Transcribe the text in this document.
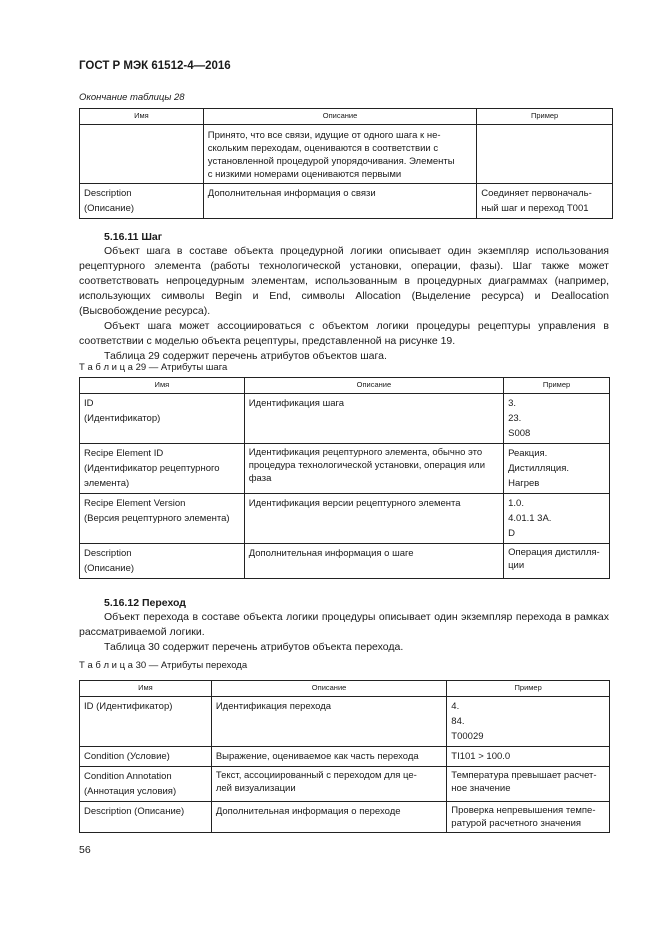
ГОСТ Р МЭК 61512-4—2016
Окончание таблицы 28
Имя	Описание	Пример
	Принято, что все связи, идущие от одного шага к не-
скольким переходам, оцениваются в соответствии с
установленной процедурой упорядочивания. Элементы
с низкими номерами оцениваются первыми	
Description
(Описание)	Дополнительная информация о связи	Соединяет первоначаль-
ный шаг и переход T001
5.16.11 Шаг

Объект шага в составе объекта процедурной логики описывает один экземпляр использования рецептурного элемента (работы технологической установки, операции, фазы). Шаг также может соответствовать непроцедурным элементам, использованным в процедурных диаграммах (например, использующих символы Begin и End, символы Allocation (Выделение ресурса) и Deallocation (Высвобождение ресурса).

Объект шага может ассоциироваться с объектом логики процедуры рецептуры управления в соответствии с моделью объекта рецептуры, представленной на рисунке 19.

Таблица 29 содержит перечень атрибутов объектов шага.

Т а б л и ц а 29 — Атрибуты шага
Имя	Описание	Пример
ID
(Идентификатор)	Идентификация шага	3.
23.
S008
Recipe Element ID
(Идентификатор рецептурного
элемента)	Идентификация рецептурного элемента, обычно это
процедура технологической установки, операция или
фаза	Реакция.
Дистилляция.
Нагрев
Recipe Element Version
(Версия рецептурного элемента)	Идентификация версии рецептурного элемента	1.0.
4.01.1 3A.
D
Description
(Описание)	Дополнительная информация о шаге	Операция дистилля-
ции
5.16.12 Переход

Объект перехода в составе объекта логики процедуры описывает один экземпляр перехода в рамках рассматриваемой логики.

Таблица 30 содержит перечень атрибутов объекта перехода.

Т а б л и ц а 30 — Атрибуты перехода
Имя	Описание	Пример
ID (Идентификатор)	Идентификация перехода	4.
84.
T00029
Condition (Условие)	Выражение, оцениваемое как часть перехода	TI101 > 100.0
Condition Annotation
(Аннотация условия)	Текст, ассоциированный с переходом для це-
лей визуализации	Температура превышает расчет-
ное значение
Description (Описание)	Дополнительная информация о переходе	Проверка непревышения темпе-
ратурой расчетного значения
56
